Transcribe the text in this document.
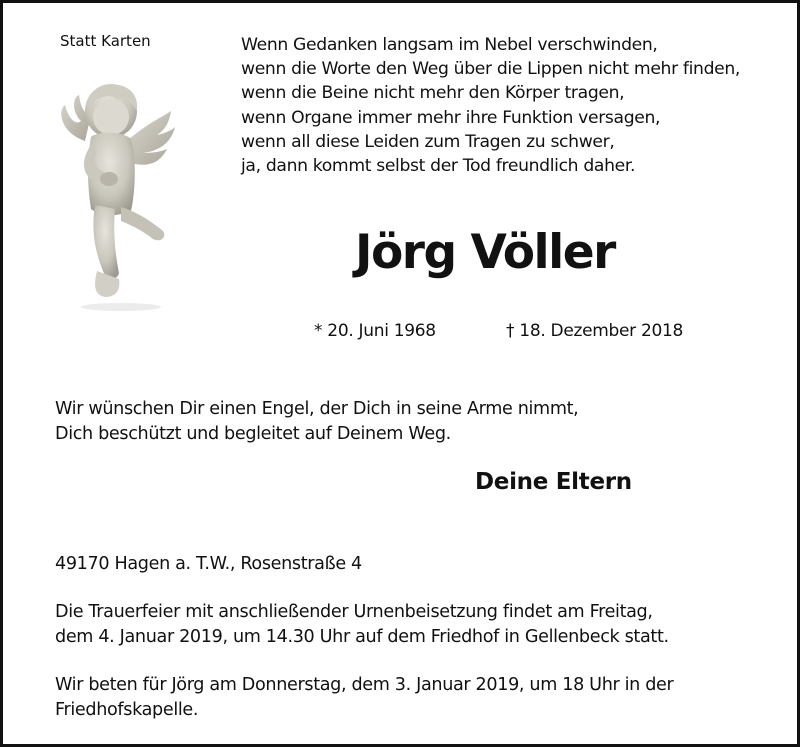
Statt Karten	Wenn Gedanken langsam im Nebel verschwinden,
wenn die Worte den Weg über die Lippen nicht mehr finden,
wenn die Beine nicht mehr den Körper tragen,
wenn Organe immer mehr ihre Funktion versagen,
wenn all diese Leiden zum Tragen zu schwer,
ja, dann kommt selbst der Tod freundlich daher.
Jörg Völler
* 20. Juni 1968	† 18. Dezember 2018
Wir wünschen Dir einen Engel, der Dich in seine Arme nimmt,
Dich beschützt und begleitet auf Deinem Weg.
Deine Eltern
49170 Hagen a. T.W., Rosenstraße 4
Die Trauerfeier mit anschließender Urnenbeisetzung findet am Freitag,
dem 4. Januar 2019, um 14.30 Uhr auf dem Friedhof in Gellenbeck statt.
Wir beten für Jörg am Donnerstag, dem 3. Januar 2019, um 18 Uhr in der
Friedhofskapelle.
